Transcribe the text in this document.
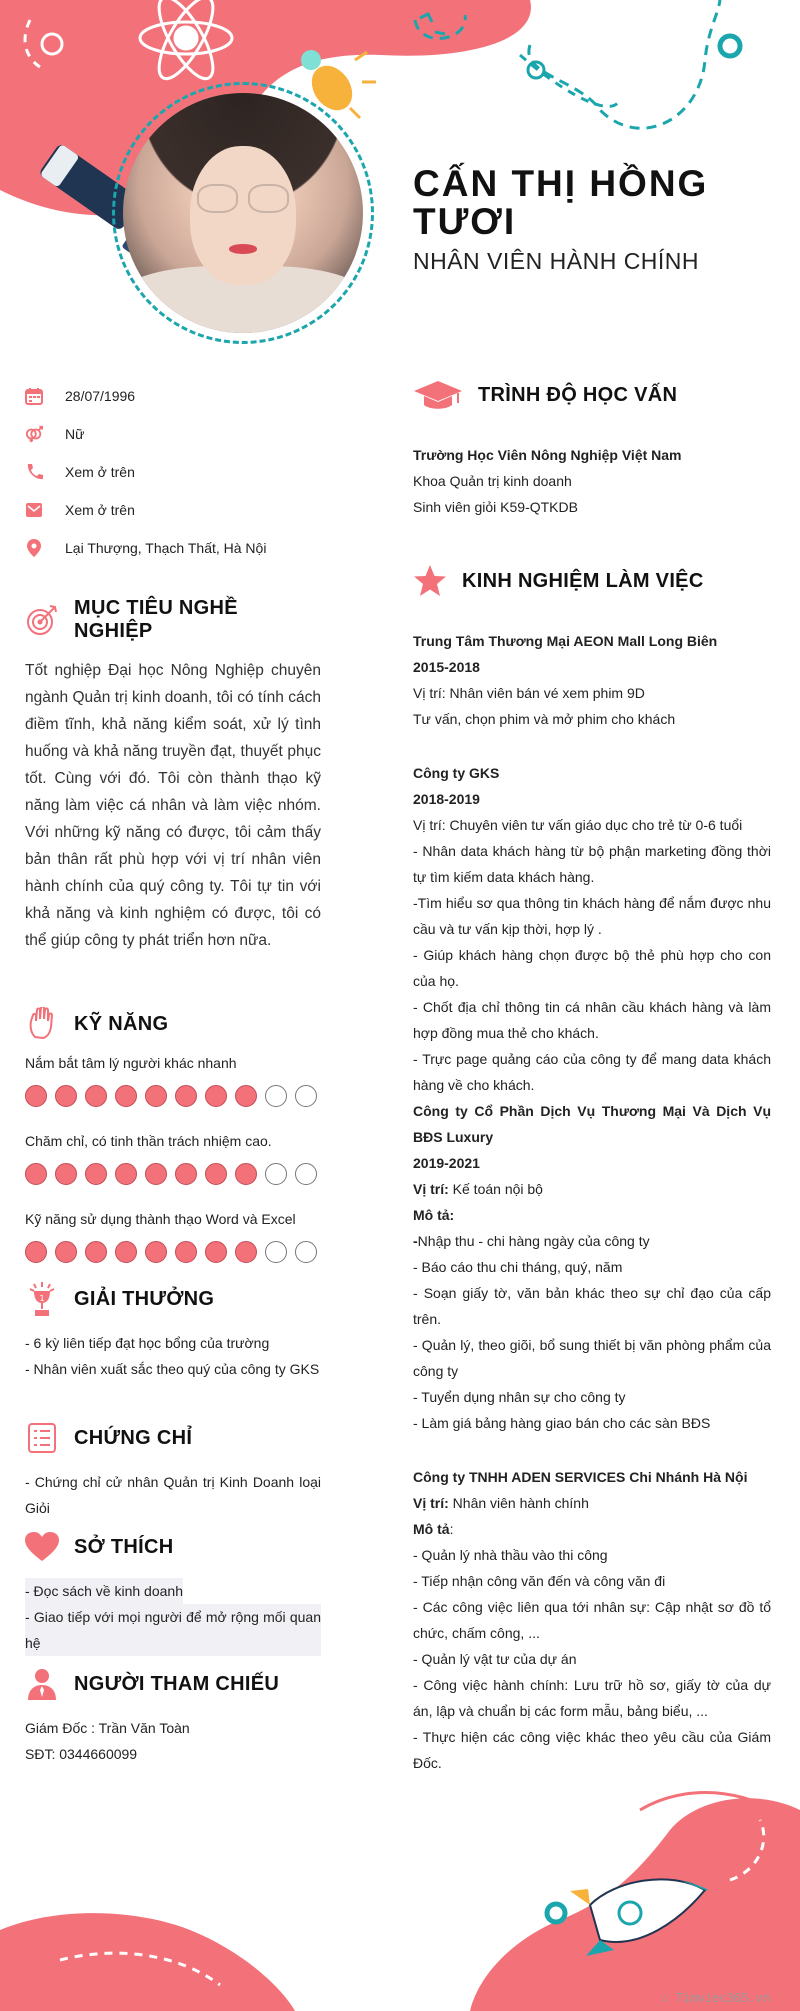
CẤN THỊ HỒNG TƯƠI
NHÂN VIÊN HÀNH CHÍNH
28/07/1996
Nữ
Xem ở trên
Xem ở trên
Lại Thượng, Thạch Thất, Hà Nội
MỤC TIÊU NGHỀ NGHIỆP

Tốt nghiệp Đại học Nông Nghiệp chuyên ngành Quản trị kinh doanh, tôi có tính cách điềm tĩnh, khả năng kiểm soát, xử lý tình huống và khả năng truyền đạt, thuyết phục tốt. Cùng với đó. Tôi còn thành thạo kỹ năng làm việc cá nhân và làm việc nhóm. Với những kỹ năng có được, tôi cảm thấy bản thân rất phù hợp với vị trí nhân viên hành chính của quý công ty. Tôi tự tin với khả năng và kinh nghiệm có được, tôi có thể giúp công ty phát triển hơn nữa.

KỸ NĂNG
Nắm bắt tâm lý người khác nhanh
Chăm chỉ, có tinh thần trách nhiệm cao.
Kỹ năng sử dụng thành thạo Word và Excel
1 GIẢI THƯỞNG

- 6 kỳ liên tiếp đạt học bổng của trường

- Nhân viên xuất sắc theo quý của công ty GKS

CHỨNG CHỈ

- Chứng chỉ cử nhân Quản trị Kinh Doanh loại Giỏi

SỞ THÍCH

- Đọc sách về kinh doanh

- Giao tiếp với mọi người để mở rộng mối quan hệ

NGƯỜI THAM CHIẾU

Giám Đốc : Trần Văn Toàn

SĐT: 0344660099

TRÌNH ĐỘ HỌC VẤN

Trường Học Viên Nông Nghiệp Việt Nam

Khoa Quản trị kinh doanh

Sinh viên giỏi K59-QTKDB

KINH NGHIỆM LÀM VIỆC

Trung Tâm Thương Mại AEON Mall Long Biên

2015-2018

Vị trí: Nhân viên bán vé xem phim 9D

Tư vấn, chọn phim và mở phim cho khách

Công ty GKS

2018-2019

Vị trí: Chuyên viên tư vấn giáo dục cho trẻ từ 0-6 tuổi

- Nhân data khách hàng từ bộ phận marketing đồng thời tự tìm kiếm data khách hàng.

-Tìm hiểu sơ qua thông tin khách hàng để nắm được nhu cầu và tư vấn kịp thời, hợp lý .

- Giúp khách hàng chọn được bộ thẻ phù hợp cho con của họ.

- Chốt địa chỉ thông tin cá nhân cầu khách hàng và làm hợp đồng mua thẻ cho khách.

- Trực page quảng cáo của công ty để mang data khách hàng về cho khách.

Công ty Cổ Phần Dịch Vụ Thương Mại Và Dịch Vụ BĐS Luxury

2019-2021

Vị trí: Kế toán nội bộ

Mô tả:

-Nhập thu - chi hàng ngày của công ty

- Báo cáo thu chi tháng, quý, năm

- Soạn giấy tờ, văn bản khác theo sự chỉ đạo của cấp trên.

- Quản lý, theo giõi, bổ sung thiết bị văn phòng phẩm của công ty

- Tuyển dụng nhân sự cho công ty

- Làm giá bảng hàng giao bán cho các sàn BĐS

Công ty TNHH ADEN SERVICES Chi Nhánh Hà Nội

Vị trí: Nhân viên hành chính

Mô tả:

- Quản lý nhà thầu vào thi công

- Tiếp nhận công văn đến và công văn đi

- Các công việc liên qua tới nhân sự: Cập nhật sơ đồ tổ chức, chấm công, ...

- Quản lý vật tư của dự án

- Công việc hành chính: Lưu trữ hồ sơ, giấy tờ của dự án, lập và chuẩn bị các form mẫu, bảng biểu, ...

- Thực hiện các công việc khác theo yêu cầu của Giám Đốc.

∴ Timviec365.vn
